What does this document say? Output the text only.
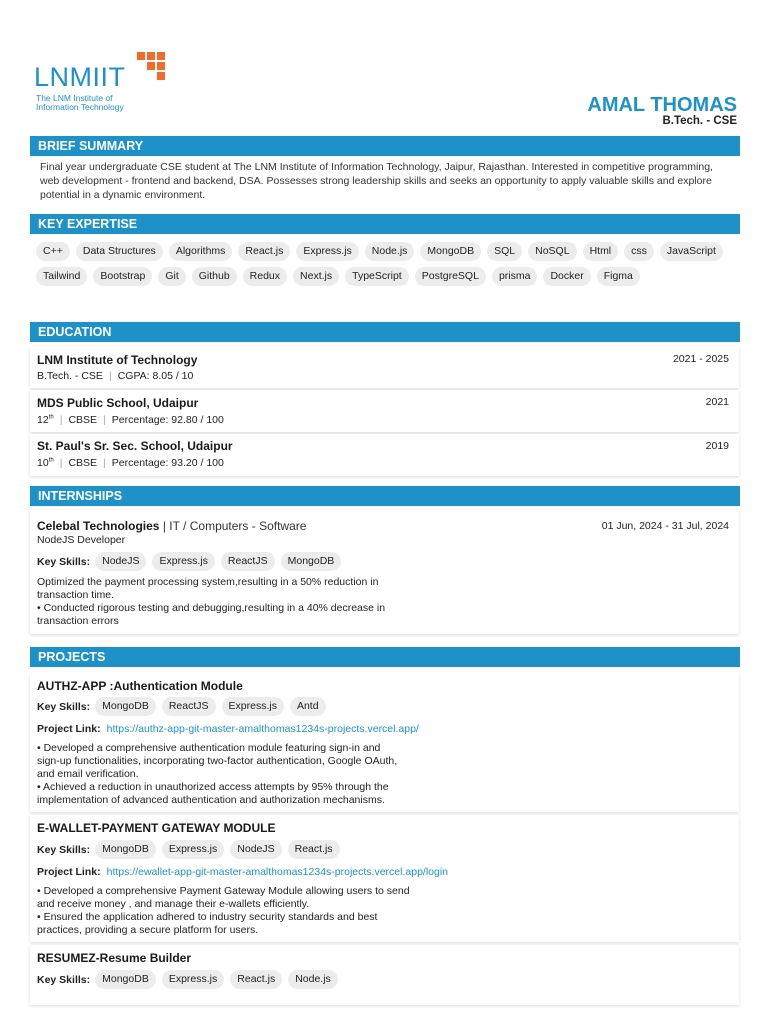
LNMIIT
The LNM Institute of
Information Technology	AMAL THOMAS
B.Tech. - CSE
BRIEF SUMMARY
Final year undergraduate CSE student at The LNM Institute of Information Technology, Jaipur, Rajasthan. Interested in competitive programming, web development - frontend and backend, DSA. Possesses strong leadership skills and seeks an opportunity to apply valuable skills and explore potential in a dynamic environment.
KEY EXPERTISE
C++	Data Structures	Algorithms	React.js	Express.js	Node.js	MongoDB	SQL	NoSQL	Html	css	JavaScript
Tailwind	Bootstrap	Git	Github	Redux	Next.js	TypeScript	PostgreSQL	prisma	Docker	Figma
EDUCATION
LNM Institute of Technology	2021 - 2025
B.Tech. - CSE | CGPA: 8.05 / 10
MDS Public School, Udaipur	2021
12th | CBSE | Percentage: 92.80 / 100
St. Paul's Sr. Sec. School, Udaipur	2019
10th | CBSE | Percentage: 93.20 / 100
INTERNSHIPS
Celebal Technologies | IT / Computers - Software	01 Jun, 2024 - 31 Jul, 2024
NodeJS Developer
Key Skills:	NodeJS	Express.js	ReactJS	MongoDB
Optimized the payment processing system,resulting in a 50% reduction in
transaction time.
• Conducted rigorous testing and debugging,resulting in a 40% decrease in
transaction errors
PROJECTS
AUTHZ-APP :Authentication Module
Key Skills:	MongoDB	ReactJS	Express.js	Antd
Project Link: https://authz-app-git-master-amalthomas1234s-projects.vercel.app/
• Developed a comprehensive authentication module featuring sign-in and
sign-up functionalities, incorporating two-factor authentication, Google OAuth,
and email verification.
• Achieved a reduction in unauthorized access attempts by 95% through the
implementation of advanced authentication and authorization mechanisms.
E-WALLET-PAYMENT GATEWAY MODULE
Key Skills:	MongoDB	Express.js	NodeJS	React.js
Project Link: https://ewallet-app-git-master-amalthomas1234s-projects.vercel.app/login
• Developed a comprehensive Payment Gateway Module allowing users to send
and receive money , and manage their e-wallets efficiently.
• Ensured the application adhered to industry security standards and best
practices, providing a secure platform for users.
RESUMEZ-Resume Builder
Key Skills:	MongoDB	Express.js	React.js	Node.js
